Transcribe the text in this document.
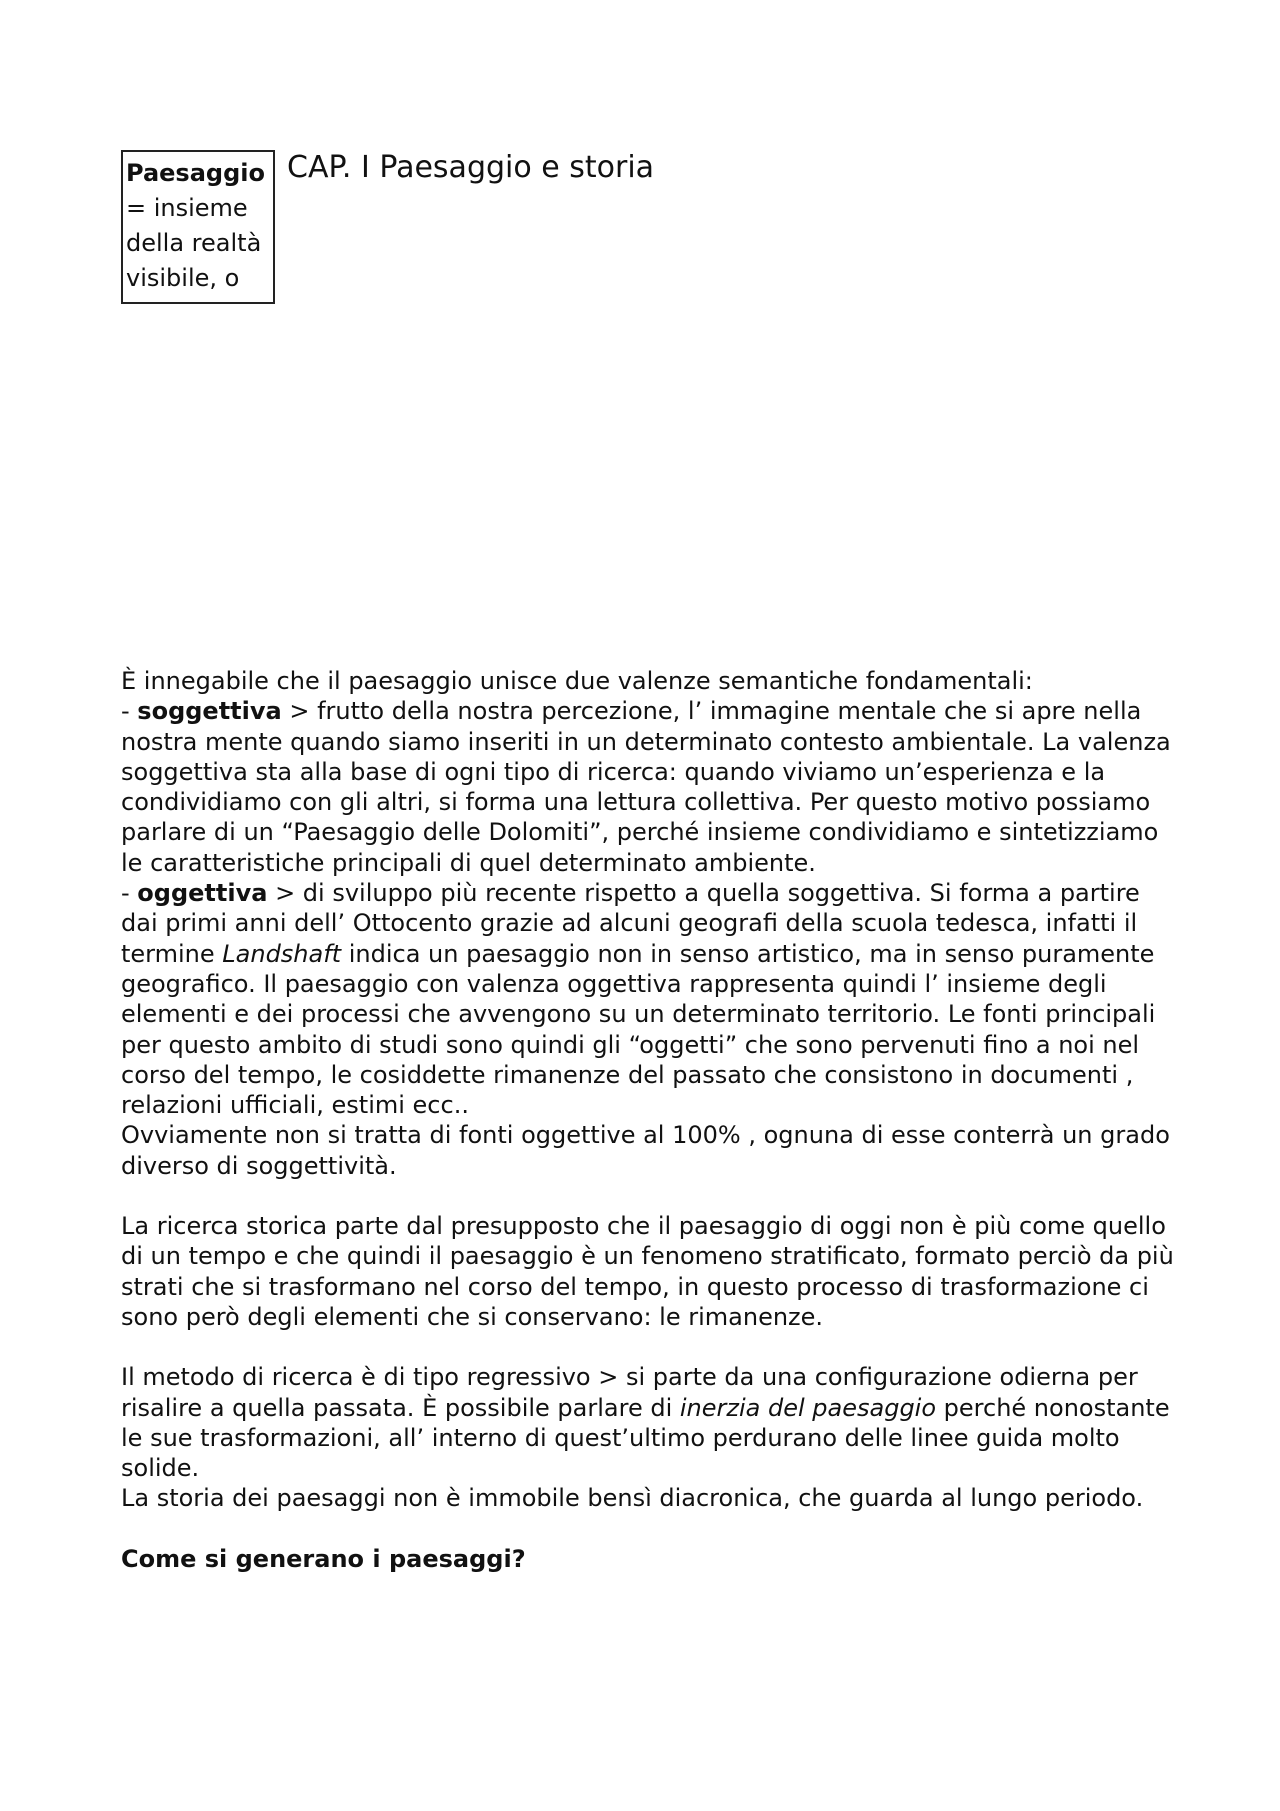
Paesaggio = insieme della realtà visibile, o
CAP. I Paesaggio e storia

È innegabile che il paesaggio unisce due valenze semantiche fondamentali:

- soggettiva > frutto della nostra percezione, l’ immagine mentale che si apre nella nostra mente quando siamo inseriti in un determinato contesto ambientale. La valenza soggettiva sta alla base di ogni tipo di ricerca: quando viviamo un’esperienza e la condividiamo con gli altri, si forma una lettura collettiva. Per questo motivo possiamo parlare di un “Paesaggio delle Dolomiti”, perché insieme condividiamo e sintetizziamo le caratteristiche principali di quel determinato ambiente.

- oggettiva > di sviluppo più recente rispetto a quella soggettiva. Si forma a partire dai primi anni dell’ Ottocento grazie ad alcuni geografi della scuola tedesca, infatti il termine Landshaft indica un paesaggio non in senso artistico, ma in senso puramente geografico. Il paesaggio con valenza oggettiva rappresenta quindi l’ insieme degli elementi e dei processi che avvengono su un determinato territorio. Le fonti principali per questo ambito di studi sono quindi gli “oggetti” che sono pervenuti fino a noi nel corso del tempo, le cosiddette rimanenze del passato che consistono in documenti , relazioni ufficiali, estimi ecc..

Ovviamente non si tratta di fonti oggettive al 100% , ognuna di esse conterrà un grado diverso di soggettività.

La ricerca storica parte dal presupposto che il paesaggio di oggi non è più come quello di un tempo e che quindi il paesaggio è un fenomeno stratificato, formato perciò da più strati che si trasformano nel corso del tempo, in questo processo di trasformazione ci sono però degli elementi che si conservano: le rimanenze.

Il metodo di ricerca è di tipo regressivo > si parte da una configurazione odierna per risalire a quella passata. È possibile parlare di inerzia del paesaggio perché nonostante le sue trasformazioni, all’ interno di quest’ultimo perdurano delle linee guida molto solide.

La storia dei paesaggi non è immobile bensì diacronica, che guarda al lungo periodo.

Come si generano i paesaggi?
